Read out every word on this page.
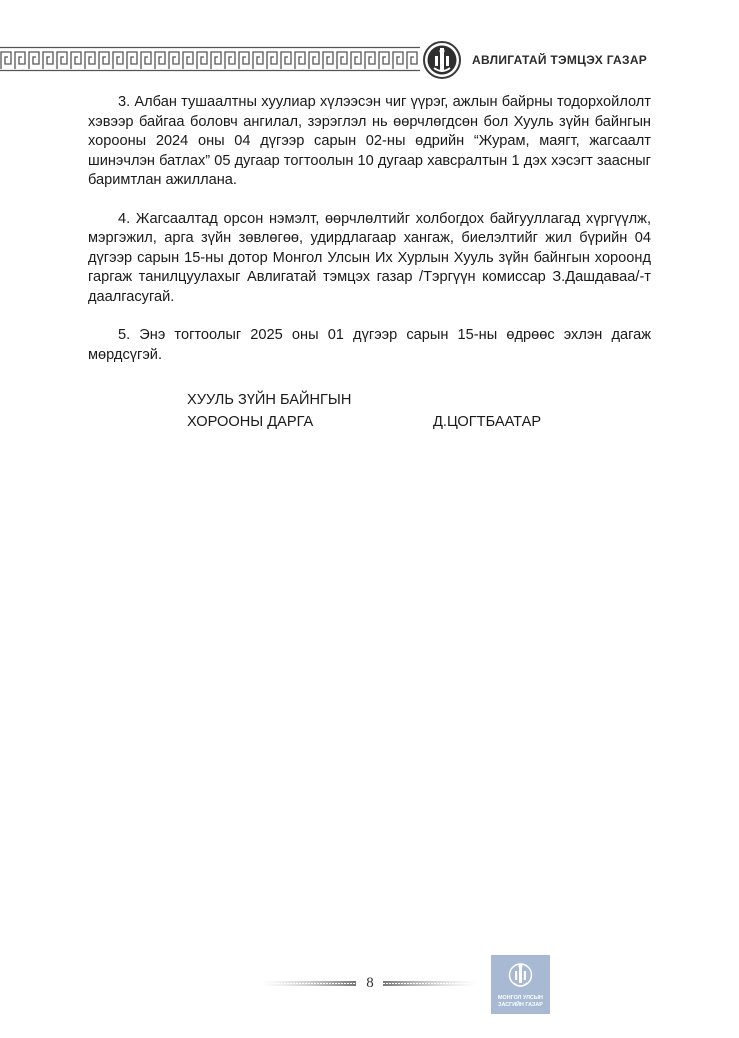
АВЛИГАТАЙ ТЭМЦЭХ ГАЗАР

3. Албан тушаалтны хуулиар хүлээсэн чиг үүрэг, ажлын байрны тодорхойлолт хэвээр байгаа боловч ангилал, зэрэглэл нь өөрчлөгдсөн бол Хууль зүйн байнгын хорооны 2024 оны 04 дүгээр сарын 02-ны өдрийн “Журам, маягт, жагсаалт шинэчлэн батлах” 05 дугаар тогтоолын 10 дугаар хавсралтын 1 дэх хэсэгт заасныг баримтлан ажиллана.

4. Жагсаалтад орсон нэмэлт, өөрчлөлтийг холбогдох байгууллагад хүргүүлж, мэргэжил, арга зүйн зөвлөгөө, удирдлагаар хангаж, биелэлтийг жил бүрийн 04 дүгээр сарын 15-ны дотор Монгол Улсын Их Хурлын Хууль зүйн байнгын хороонд гаргаж танилцуулахыг Авлигатай тэмцэх газар /Тэргүүн комиссар З.Дашдаваа/-т даалгасугай.

5. Энэ тогтоолыг 2025 оны 01 дүгээр сарын 15-ны өдрөөс эхлэн дагаж мөрдсүгэй.

ХУУЛЬ ЗҮЙН БАЙНГЫН
ХОРООНЫ ДАРГА	Д.ЦОГТБААТАР
8
МОНГОЛ УЛСЫН
ЗАСГИЙН ГАЗАР
